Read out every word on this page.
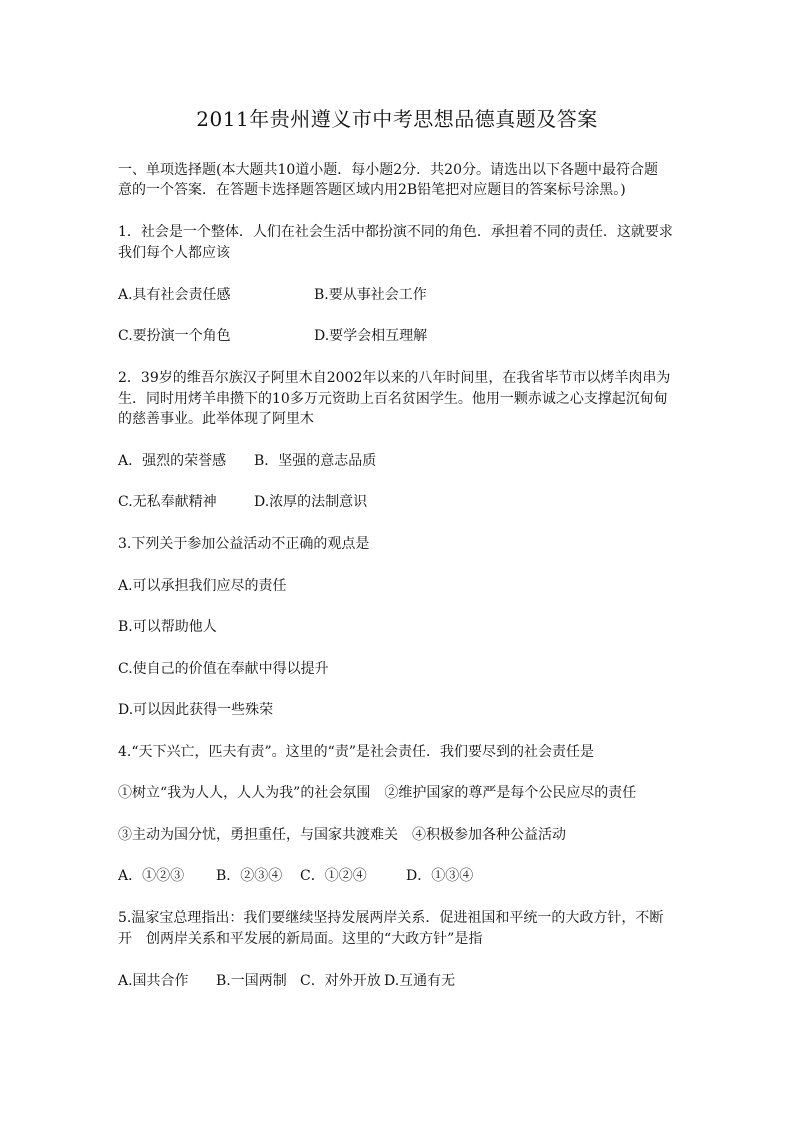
2011年贵州遵义市中考思想品德真题及答案
一、单项选择题(本大题共10道小题．每小题2分．共20分。请选出以下各题中最符合题
意的一个答案．在答题卡选择题答题区域内用2B铅笔把对应题目的答案标号涂黑。)
1．社会是一个整体．人们在社会生活中都扮演不同的角色．承担着不同的责任．这就要求
我们每个人都应该
A.具有社会责任感	B.要从事社会工作
C.要扮演一个角色	D.要学会相互理解
2．39岁的维吾尔族汉子阿里木自2002年以来的八年时间里，在我省毕节市以烤羊肉串为
生．同时用烤羊串攒下的10多万元资助上百名贫困学生。他用一颗赤诚之心支撑起沉甸甸
的慈善事业。此举体现了阿里木
A．强烈的荣誉感 B．坚强的意志品质
C.无私奉献精神	D.浓厚的法制意识
3.下列关于参加公益活动不正确的观点是
A.可以承担我们应尽的责任
B.可以帮助他人
C.使自己的价值在奉献中得以提升
D.可以因此获得一些殊荣
4.“天下兴亡，匹夫有责”。这里的“责”是社会责任．我们要尽到的社会责任是
①树立“我为人人，人人为我”的社会氛围　②维护国家的尊严是每个公民应尽的责任
③主动为国分忧，勇担重任，与国家共渡难关　④积极参加各种公益活动
A．①②③ B．②③④ C．①②④	D．①③④
5.温家宝总理指出：我们要继续坚持发展两岸关系．促进祖国和平统一的大政方针，不断
开　创两岸关系和平发展的新局面。这里的“大政方针”是指
A.国共合作 B.一国两制 C．对外开放 D.互通有无
